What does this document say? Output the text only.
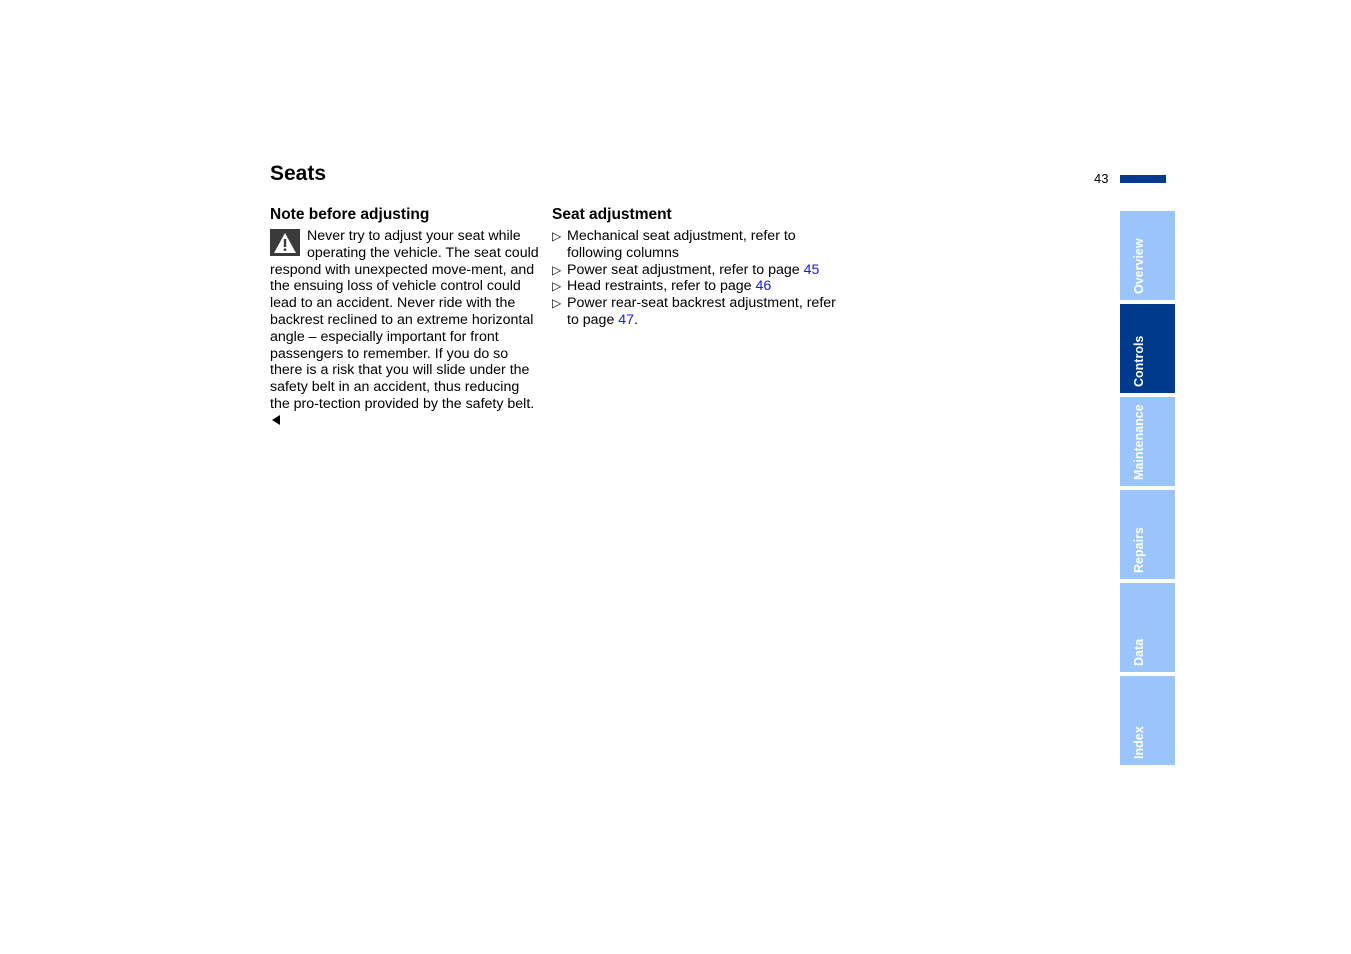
Seats	43
Note before adjusting

Never try to adjust your seat while operating the vehicle. The seat could respond with unexpected move-ment, and the ensuing loss of vehicle control could lead to an accident. Never ride with the backrest reclined to an extreme horizontal angle – especially important for front passengers to remember. If you do so there is a risk that you will slide under the safety belt in an accident, thus reducing the pro-tection provided by the safety belt.

Seat adjustment
▷ Mechanical seat adjustment, refer to following columns
▷ Power seat adjustment, refer to page 45
▷ Head restraints, refer to page 46
▷ Power rear-seat backrest adjustment, refer to page 47.
Overview
Controls
Maintenance
Repairs
Data
Index
